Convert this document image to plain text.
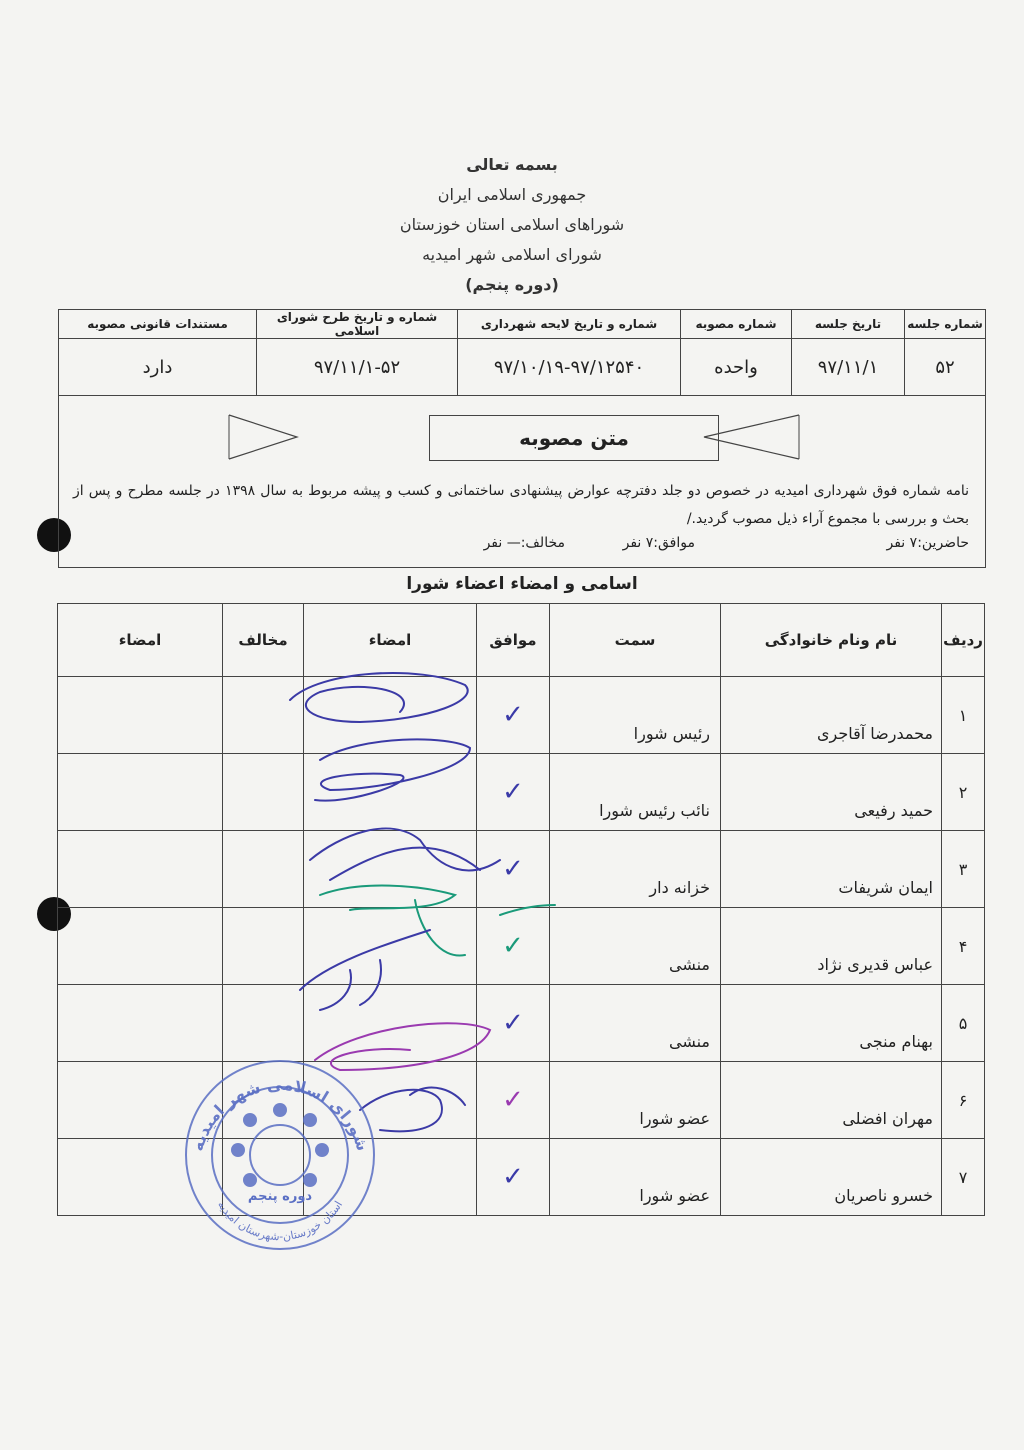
بسمه تعالی
جمهوری اسلامی ایران
شوراهای اسلامی استان خوزستان
شورای اسلامی شهر امیدیه
(دوره پنجم)
شماره جلسه	تاریخ جلسه	شماره مصوبه	شماره و تاریخ لایحه شهرداری	شماره و تاریخ طرح شورای اسلامی	مستندات قانونی مصوبه
۵۲	۹۷/۱۱/۱	واحده	۹۷/۱۰/۱۹-۹۷/۱۲۵۴۰	۹۷/۱۱/۱-۵۲	دارد
متن مصوبه
نامه شماره فوق شهرداری امیدیه در خصوص دو جلد دفترچه عوارض پیشنهادی ساختمانی و کسب و پیشه مربوط به سال ۱۳۹۸ در جلسه مطرح و پس از بحث و بررسی با مجموع آراء ذیل مصوب گردید./
حاضرین:۷ نفر
موافق:۷ نفر
مخالف:— نفر
اسامی و امضاء اعضاء شورا
ردیف	نام ونام خانوادگی	سمت	موافق	امضاء	مخالف	امضاء
۱	محمدرضا آقاجری	رئیس شورا	✓			
۲	حمید رفیعی	نائب رئیس شورا	✓			
۳	ایمان شریفات	خزانه دار	✓			
۴	عباس قدیری نژاد	منشی	✓			
۵	بهنام منجی	منشی	✓			
۶	مهران افضلی	عضو شورا	✓			
۷	خسرو ناصریان	عضو شورا	✓			
شورای اسلامی شهر امیدیه
دوره پنجم
استان خوزستان-شهرستان امیدیه
